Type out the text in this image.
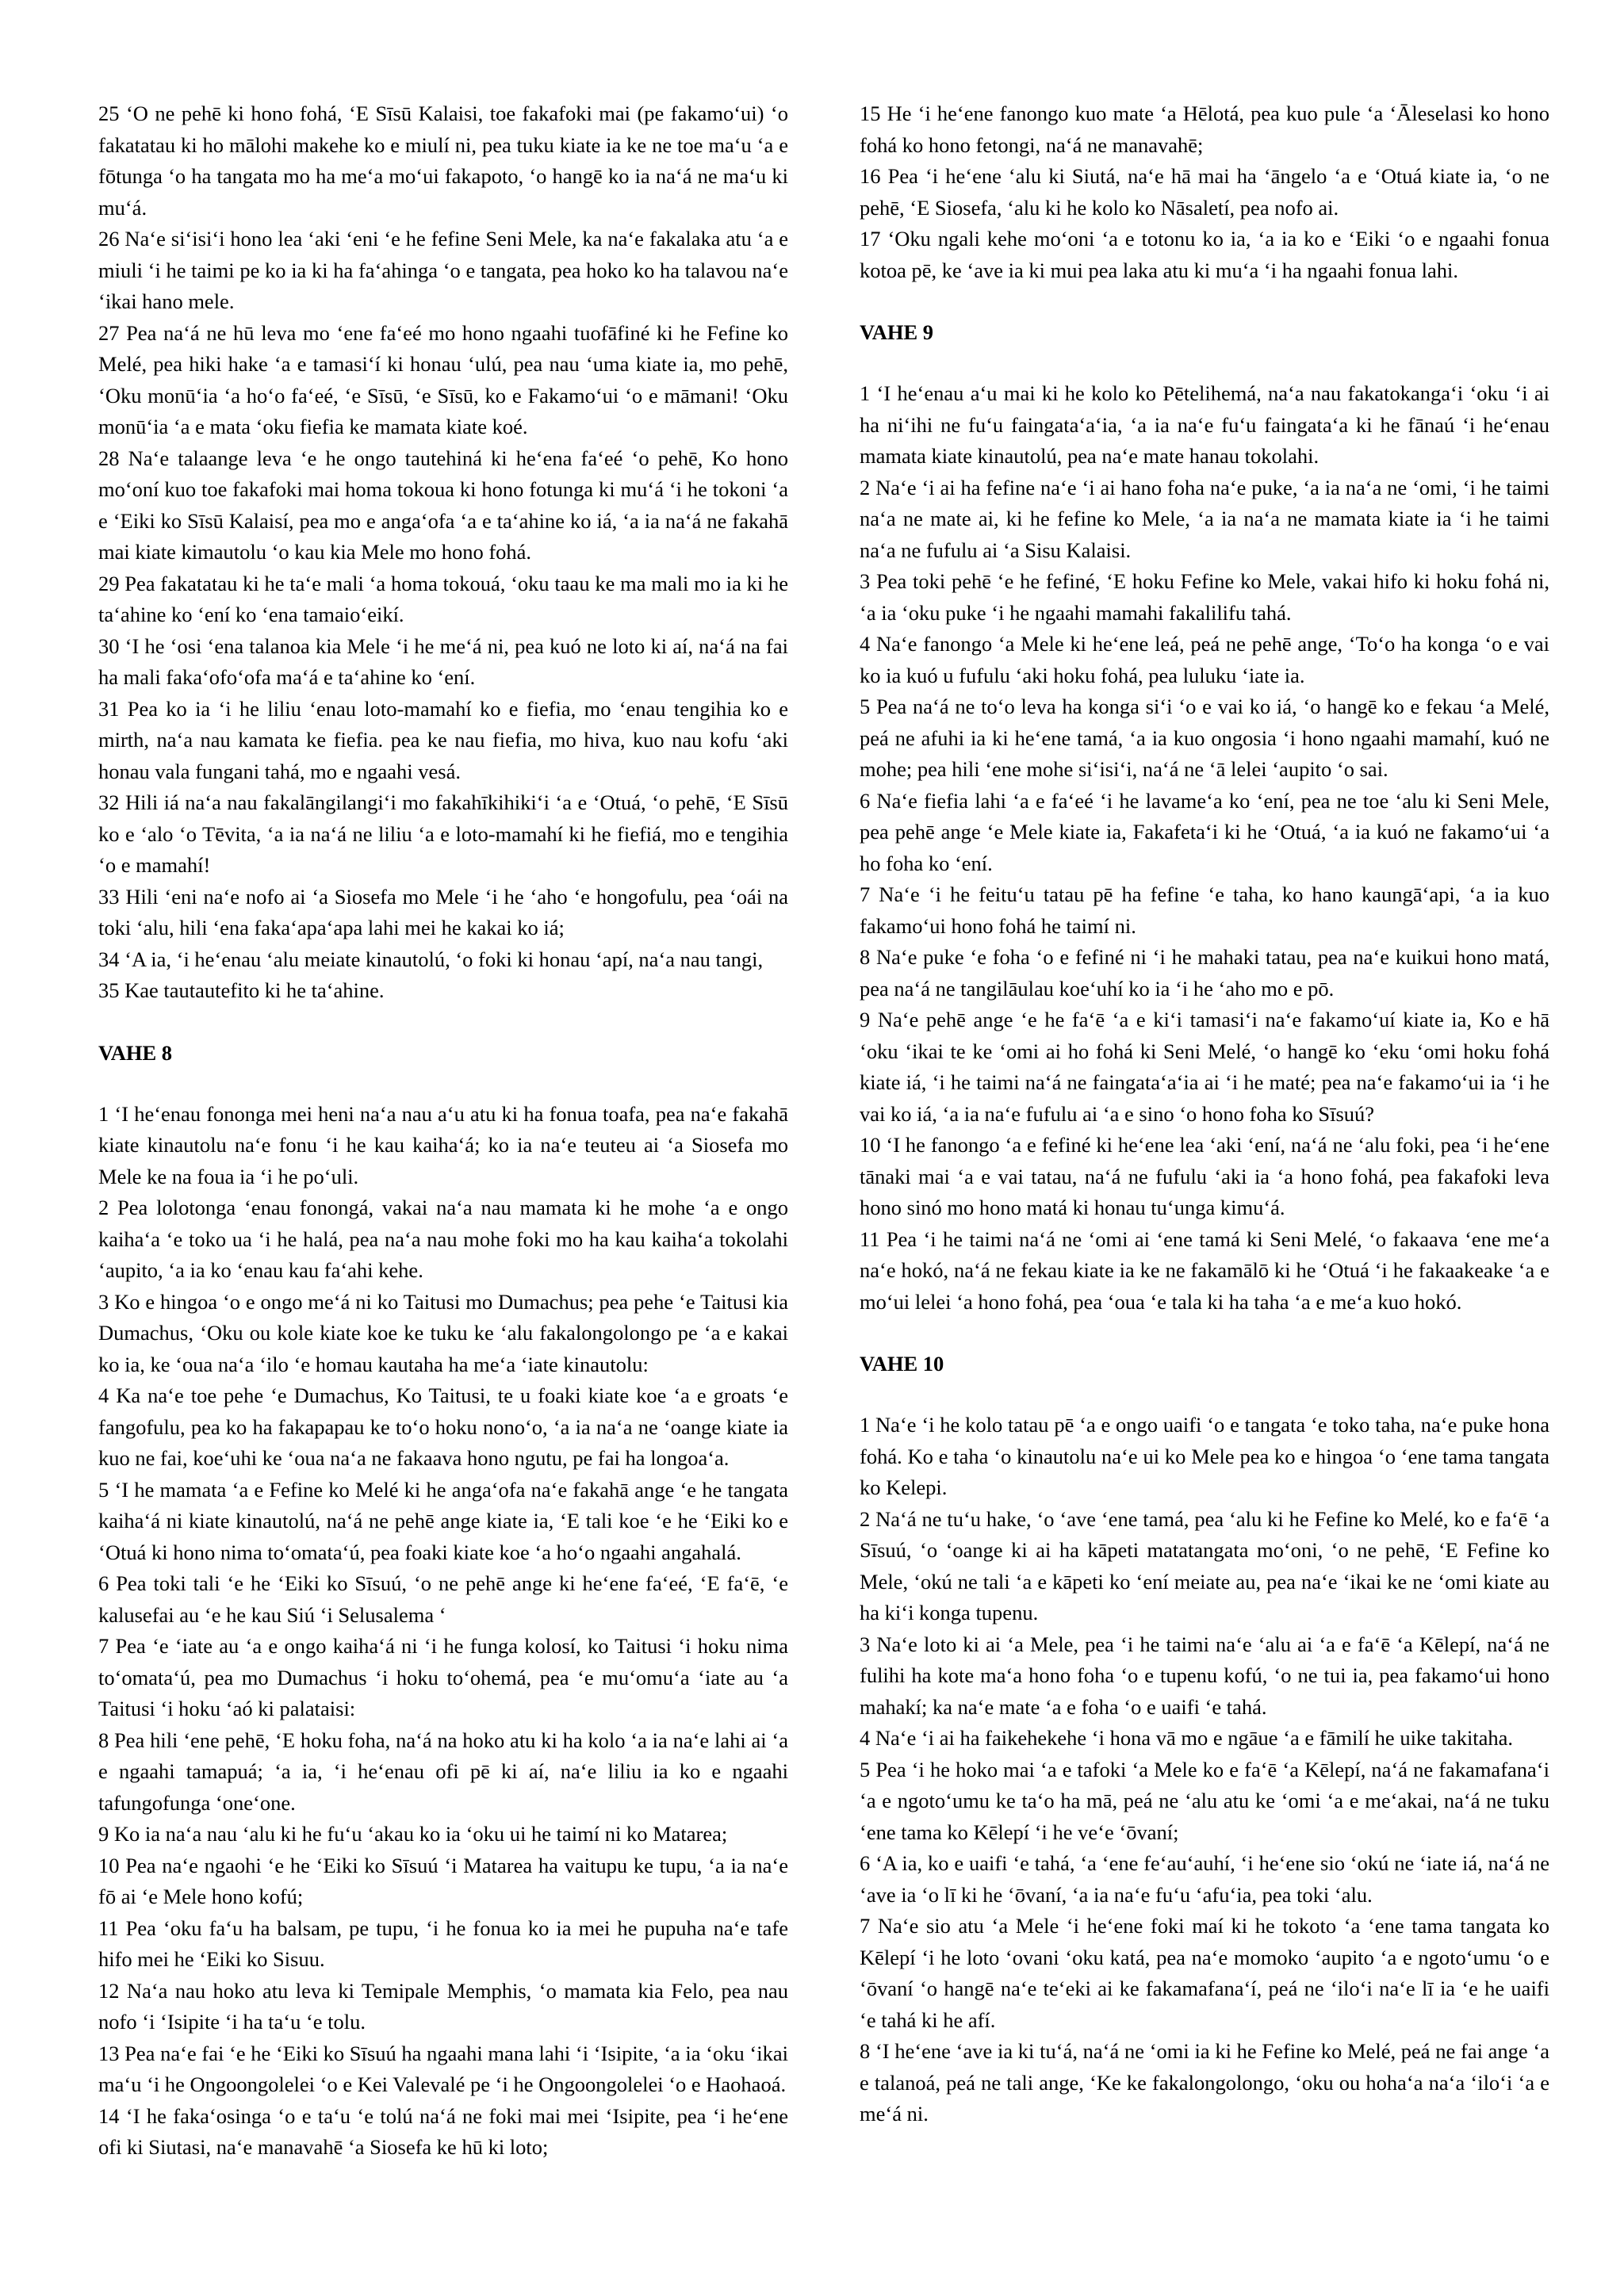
25 ‘O ne pehē ki hono fohá, ‘E Sīsū Kalaisi, toe fakafoki mai (pe fakamo‘ui) ‘o fakatatau ki ho mālohi makehe ko e miulí ni, pea tuku kiate ia ke ne toe ma‘u ‘a e fōtunga ‘o ha tangata mo ha me‘a mo‘ui fakapoto, ‘o hangē ko ia na‘á ne ma‘u ki mu‘á.

26 Na‘e si‘isi‘i hono lea ‘aki ‘eni ‘e he fefine Seni Mele, ka na‘e fakalaka atu ‘a e miuli ‘i he taimi pe ko ia ki ha fa‘ahinga ‘o e tangata, pea hoko ko ha talavou na‘e ‘ikai hano mele.

27 Pea na‘á ne hū leva mo ‘ene fa‘eé mo hono ngaahi tuofāfiné ki he Fefine ko Melé, pea hiki hake ‘a e tamasi‘í ki honau ‘ulú, pea nau ‘uma kiate ia, mo pehē, ‘Oku monū‘ia ‘a ho‘o fa‘eé, ‘e Sīsū, ‘e Sīsū, ko e Fakamo‘ui ‘o e māmani! ‘Oku monū‘ia ‘a e mata ‘oku fiefia ke mamata kiate koé.

28 Na‘e talaange leva ‘e he ongo tautehiná ki he‘ena fa‘eé ‘o pehē, Ko hono mo‘oní kuo toe fakafoki mai homa tokoua ki hono fotunga ki mu‘á ‘i he tokoni ‘a e ‘Eiki ko Sīsū Kalaisí, pea mo e anga‘ofa ‘a e ta‘ahine ko iá, ‘a ia na‘á ne fakahā mai kiate kimautolu ‘o kau kia Mele mo hono fohá.

29 Pea fakatatau ki he ta‘e mali ‘a homa tokouá, ‘oku taau ke ma mali mo ia ki he ta‘ahine ko ‘ení ko ‘ena tamaio‘eikí.

30 ‘I he ‘osi ‘ena talanoa kia Mele ‘i he me‘á ni, pea kuó ne loto ki aí, na‘á na fai ha mali faka‘ofo‘ofa ma‘á e ta‘ahine ko ‘ení.

31 Pea ko ia ‘i he liliu ‘enau loto-mamahí ko e fiefia, mo ‘enau tengihia ko e mirth, na‘a nau kamata ke fiefia. pea ke nau fiefia, mo hiva, kuo nau kofu ‘aki honau vala fungani tahá, mo e ngaahi vesá.

32 Hili iá na‘a nau fakalāngilangi‘i mo fakahīkihiki‘i ‘a e ‘Otuá, ‘o pehē, ‘E Sīsū ko e ‘alo ‘o Tēvita, ‘a ia na‘á ne liliu ‘a e loto-mamahí ki he fiefiá, mo e tengihia ‘o e mamahí!

33 Hili ‘eni na‘e nofo ai ‘a Siosefa mo Mele ‘i he ‘aho ‘e hongofulu, pea ‘oái na toki ‘alu, hili ‘ena faka‘apa‘apa lahi mei he kakai ko iá;

34 ‘A ia, ‘i he‘enau ‘alu meiate kinautolú, ‘o foki ki honau ‘apí, na‘a nau tangi,

35 Kae tautautefito ki he ta‘ahine.

VAHE 8

1 ‘I he‘enau fononga mei heni na‘a nau a‘u atu ki ha fonua toafa, pea na‘e fakahā kiate kinautolu na‘e fonu ‘i he kau kaiha‘á; ko ia na‘e teuteu ai ‘a Siosefa mo Mele ke na foua ia ‘i he po‘uli.

2 Pea lolotonga ‘enau fonongá, vakai na‘a nau mamata ki he mohe ‘a e ongo kaiha‘a ‘e toko ua ‘i he halá, pea na‘a nau mohe foki mo ha kau kaiha‘a tokolahi ‘aupito, ‘a ia ko ‘enau kau fa‘ahi kehe.

3 Ko e hingoa ‘o e ongo me‘á ni ko Taitusi mo Dumachus; pea pehe ‘e Taitusi kia Dumachus, ‘Oku ou kole kiate koe ke tuku ke ‘alu fakalongolongo pe ‘a e kakai ko ia, ke ‘oua na‘a ‘ilo ‘e homau kautaha ha me‘a ‘iate kinautolu:

4 Ka na‘e toe pehe ‘e Dumachus, Ko Taitusi, te u foaki kiate koe ‘a e groats ‘e fangofulu, pea ko ha fakapapau ke to‘o hoku nono‘o, ‘a ia na‘a ne ‘oange kiate ia kuo ne fai, koe‘uhi ke ‘oua na‘a ne fakaava hono ngutu, pe fai ha longoa‘a.

5 ‘I he mamata ‘a e Fefine ko Melé ki he anga‘ofa na‘e fakahā ange ‘e he tangata kaiha‘á ni kiate kinautolú, na‘á ne pehē ange kiate ia, ‘E tali koe ‘e he ‘Eiki ko e ‘Otuá ki hono nima to‘omata‘ú, pea foaki kiate koe ‘a ho‘o ngaahi angahalá.

6 Pea toki tali ‘e he ‘Eiki ko Sīsuú, ‘o ne pehē ange ki he‘ene fa‘eé, ‘E fa‘ē, ‘e kalusefai au ‘e he kau Siú ‘i Selusalema ‘

7 Pea ‘e ‘iate au ‘a e ongo kaiha‘á ni ‘i he funga kolosí, ko Taitusi ‘i hoku nima to‘omata‘ú, pea mo Dumachus ‘i hoku to‘ohemá, pea ‘e mu‘omu‘a ‘iate au ‘a Taitusi ‘i hoku ‘aó ki palataisi:

8 Pea hili ‘ene pehē, ‘E hoku foha, na‘á na hoko atu ki ha kolo ‘a ia na‘e lahi ai ‘a e ngaahi tamapuá; ‘a ia, ‘i he‘enau ofi pē ki aí, na‘e liliu ia ko e ngaahi tafungofunga ‘one‘one.

9 Ko ia na‘a nau ‘alu ki he fu‘u ‘akau ko ia ‘oku ui he taimí ni ko Matarea;

10 Pea na‘e ngaohi ‘e he ‘Eiki ko Sīsuú ‘i Matarea ha vaitupu ke tupu, ‘a ia na‘e fō ai ‘e Mele hono kofú;

11 Pea ‘oku fa‘u ha balsam, pe tupu, ‘i he fonua ko ia mei he pupuha na‘e tafe hifo mei he ‘Eiki ko Sisuu.

12 Na‘a nau hoko atu leva ki Temipale Memphis, ‘o mamata kia Felo, pea nau nofo ‘i ‘Isipite ‘i ha ta‘u ‘e tolu.

13 Pea na‘e fai ‘e he ‘Eiki ko Sīsuú ha ngaahi mana lahi ‘i ‘Isipite, ‘a ia ‘oku ‘ikai ma‘u ‘i he Ongoongolelei ‘o e Kei Valevalé pe ‘i he Ongoongolelei ‘o e Haohaoá.

14 ‘I he faka‘osinga ‘o e ta‘u ‘e tolú na‘á ne foki mai mei ‘Isipite, pea ‘i he‘ene ofi ki Siutasi, na‘e manavahē ‘a Siosefa ke hū ki loto;

15 He ‘i he‘ene fanongo kuo mate ‘a Hēlotá, pea kuo pule ‘a ‘Āleselasi ko hono fohá ko hono fetongi, na‘á ne manavahē;

16 Pea ‘i he‘ene ‘alu ki Siutá, na‘e hā mai ha ‘āngelo ‘a e ‘Otuá kiate ia, ‘o ne pehē, ‘E Siosefa, ‘alu ki he kolo ko Nāsaletí, pea nofo ai.

17 ‘Oku ngali kehe mo‘oni ‘a e totonu ko ia, ‘a ia ko e ‘Eiki ‘o e ngaahi fonua kotoa pē, ke ‘ave ia ki mui pea laka atu ki mu‘a ‘i ha ngaahi fonua lahi.

VAHE 9

1 ‘I he‘enau a‘u mai ki he kolo ko Pētelihemá, na‘a nau fakatokanga‘i ‘oku ‘i ai ha ni‘ihi ne fu‘u faingata‘a‘ia, ‘a ia na‘e fu‘u faingata‘a ki he fānaú ‘i he‘enau mamata kiate kinautolú, pea na‘e mate hanau tokolahi.

2 Na‘e ‘i ai ha fefine na‘e ‘i ai hano foha na‘e puke, ‘a ia na‘a ne ‘omi, ‘i he taimi na‘a ne mate ai, ki he fefine ko Mele, ‘a ia na‘a ne mamata kiate ia ‘i he taimi na‘a ne fufulu ai ‘a Sisu Kalaisi.

3 Pea toki pehē ‘e he fefiné, ‘E hoku Fefine ko Mele, vakai hifo ki hoku fohá ni, ‘a ia ‘oku puke ‘i he ngaahi mamahi fakalilifu tahá.

4 Na‘e fanongo ‘a Mele ki he‘ene leá, peá ne pehē ange, ‘To‘o ha konga ‘o e vai ko ia kuó u fufulu ‘aki hoku fohá, pea luluku ‘iate ia.

5 Pea na‘á ne to‘o leva ha konga si‘i ‘o e vai ko iá, ‘o hangē ko e fekau ‘a Melé, peá ne afuhi ia ki he‘ene tamá, ‘a ia kuo ongosia ‘i hono ngaahi mamahí, kuó ne mohe; pea hili ‘ene mohe si‘isi‘i, na‘á ne ‘ā lelei ‘aupito ‘o sai.

6 Na‘e fiefia lahi ‘a e fa‘eé ‘i he lavame‘a ko ‘ení, pea ne toe ‘alu ki Seni Mele, pea pehē ange ‘e Mele kiate ia, Fakafeta‘i ki he ‘Otuá, ‘a ia kuó ne fakamo‘ui ‘a ho foha ko ‘ení.

7 Na‘e ‘i he feitu‘u tatau pē ha fefine ‘e taha, ko hano kaungā‘api, ‘a ia kuo fakamo‘ui hono fohá he taimí ni.

8 Na‘e puke ‘e foha ‘o e fefiné ni ‘i he mahaki tatau, pea na‘e kuikui hono matá, pea na‘á ne tangilāulau koe‘uhí ko ia ‘i he ‘aho mo e pō.

9 Na‘e pehē ange ‘e he fa‘ē ‘a e ki‘i tamasi‘i na‘e fakamo‘uí kiate ia, Ko e hā ‘oku ‘ikai te ke ‘omi ai ho fohá ki Seni Melé, ‘o hangē ko ‘eku ‘omi hoku fohá kiate iá, ‘i he taimi na‘á ne faingata‘a‘ia ai ‘i he maté; pea na‘e fakamo‘ui ia ‘i he vai ko iá, ‘a ia na‘e fufulu ai ‘a e sino ‘o hono foha ko Sīsuú?

10 ‘I he fanongo ‘a e fefiné ki he‘ene lea ‘aki ‘ení, na‘á ne ‘alu foki, pea ‘i he‘ene tānaki mai ‘a e vai tatau, na‘á ne fufulu ‘aki ia ‘a hono fohá, pea fakafoki leva hono sinó mo hono matá ki honau tu‘unga kimu‘á.

11 Pea ‘i he taimi na‘á ne ‘omi ai ‘ene tamá ki Seni Melé, ‘o fakaava ‘ene me‘a na‘e hokó, na‘á ne fekau kiate ia ke ne fakamālō ki he ‘Otuá ‘i he fakaakeake ‘a e mo‘ui lelei ‘a hono fohá, pea ‘oua ‘e tala ki ha taha ‘a e me‘a kuo hokó.

VAHE 10

1 Na‘e ‘i he kolo tatau pē ‘a e ongo uaifi ‘o e tangata ‘e toko taha, na‘e puke hona fohá. Ko e taha ‘o kinautolu na‘e ui ko Mele pea ko e hingoa ‘o ‘ene tama tangata ko Kelepi.

2 Na‘á ne tu‘u hake, ‘o ‘ave ‘ene tamá, pea ‘alu ki he Fefine ko Melé, ko e fa‘ē ‘a Sīsuú, ‘o ‘oange ki ai ha kāpeti matatangata mo‘oni, ‘o ne pehē, ‘E Fefine ko Mele, ‘okú ne tali ‘a e kāpeti ko ‘ení meiate au, pea na‘e ‘ikai ke ne ‘omi kiate au ha ki‘i konga tupenu.

3 Na‘e loto ki ai ‘a Mele, pea ‘i he taimi na‘e ‘alu ai ‘a e fa‘ē ‘a Kēlepí, na‘á ne fulihi ha kote ma‘a hono foha ‘o e tupenu kofú, ‘o ne tui ia, pea fakamo‘ui hono mahakí; ka na‘e mate ‘a e foha ‘o e uaifi ‘e tahá.

4 Na‘e ‘i ai ha faikehekehe ‘i hona vā mo e ngāue ‘a e fāmilí he uike takitaha.

5 Pea ‘i he hoko mai ‘a e tafoki ‘a Mele ko e fa‘ē ‘a Kēlepí, na‘á ne fakamafana‘i ‘a e ngoto‘umu ke ta‘o ha mā, peá ne ‘alu atu ke ‘omi ‘a e me‘akai, na‘á ne tuku ‘ene tama ko Kēlepí ‘i he ve‘e ‘ōvaní;

6 ‘A ia, ko e uaifi ‘e tahá, ‘a ‘ene fe‘au‘auhí, ‘i he‘ene sio ‘okú ne ‘iate iá, na‘á ne ‘ave ia ‘o lī ki he ‘ōvaní, ‘a ia na‘e fu‘u ‘afu‘ia, pea toki ‘alu.

7 Na‘e sio atu ‘a Mele ‘i he‘ene foki maí ki he tokoto ‘a ‘ene tama tangata ko Kēlepí ‘i he loto ‘ovani ‘oku katá, pea na‘e momoko ‘aupito ‘a e ngoto‘umu ‘o e ‘ōvaní ‘o hangē na‘e te‘eki ai ke fakamafana‘í, peá ne ‘ilo‘i na‘e lī ia ‘e he uaifi ‘e tahá ki he afí.

8 ‘I he‘ene ‘ave ia ki tu‘á, na‘á ne ‘omi ia ki he Fefine ko Melé, peá ne fai ange ‘a e talanoá, peá ne tali ange, ‘Ke ke fakalongolongo, ‘oku ou hoha‘a na‘a ‘ilo‘i ‘a e me‘á ni.
